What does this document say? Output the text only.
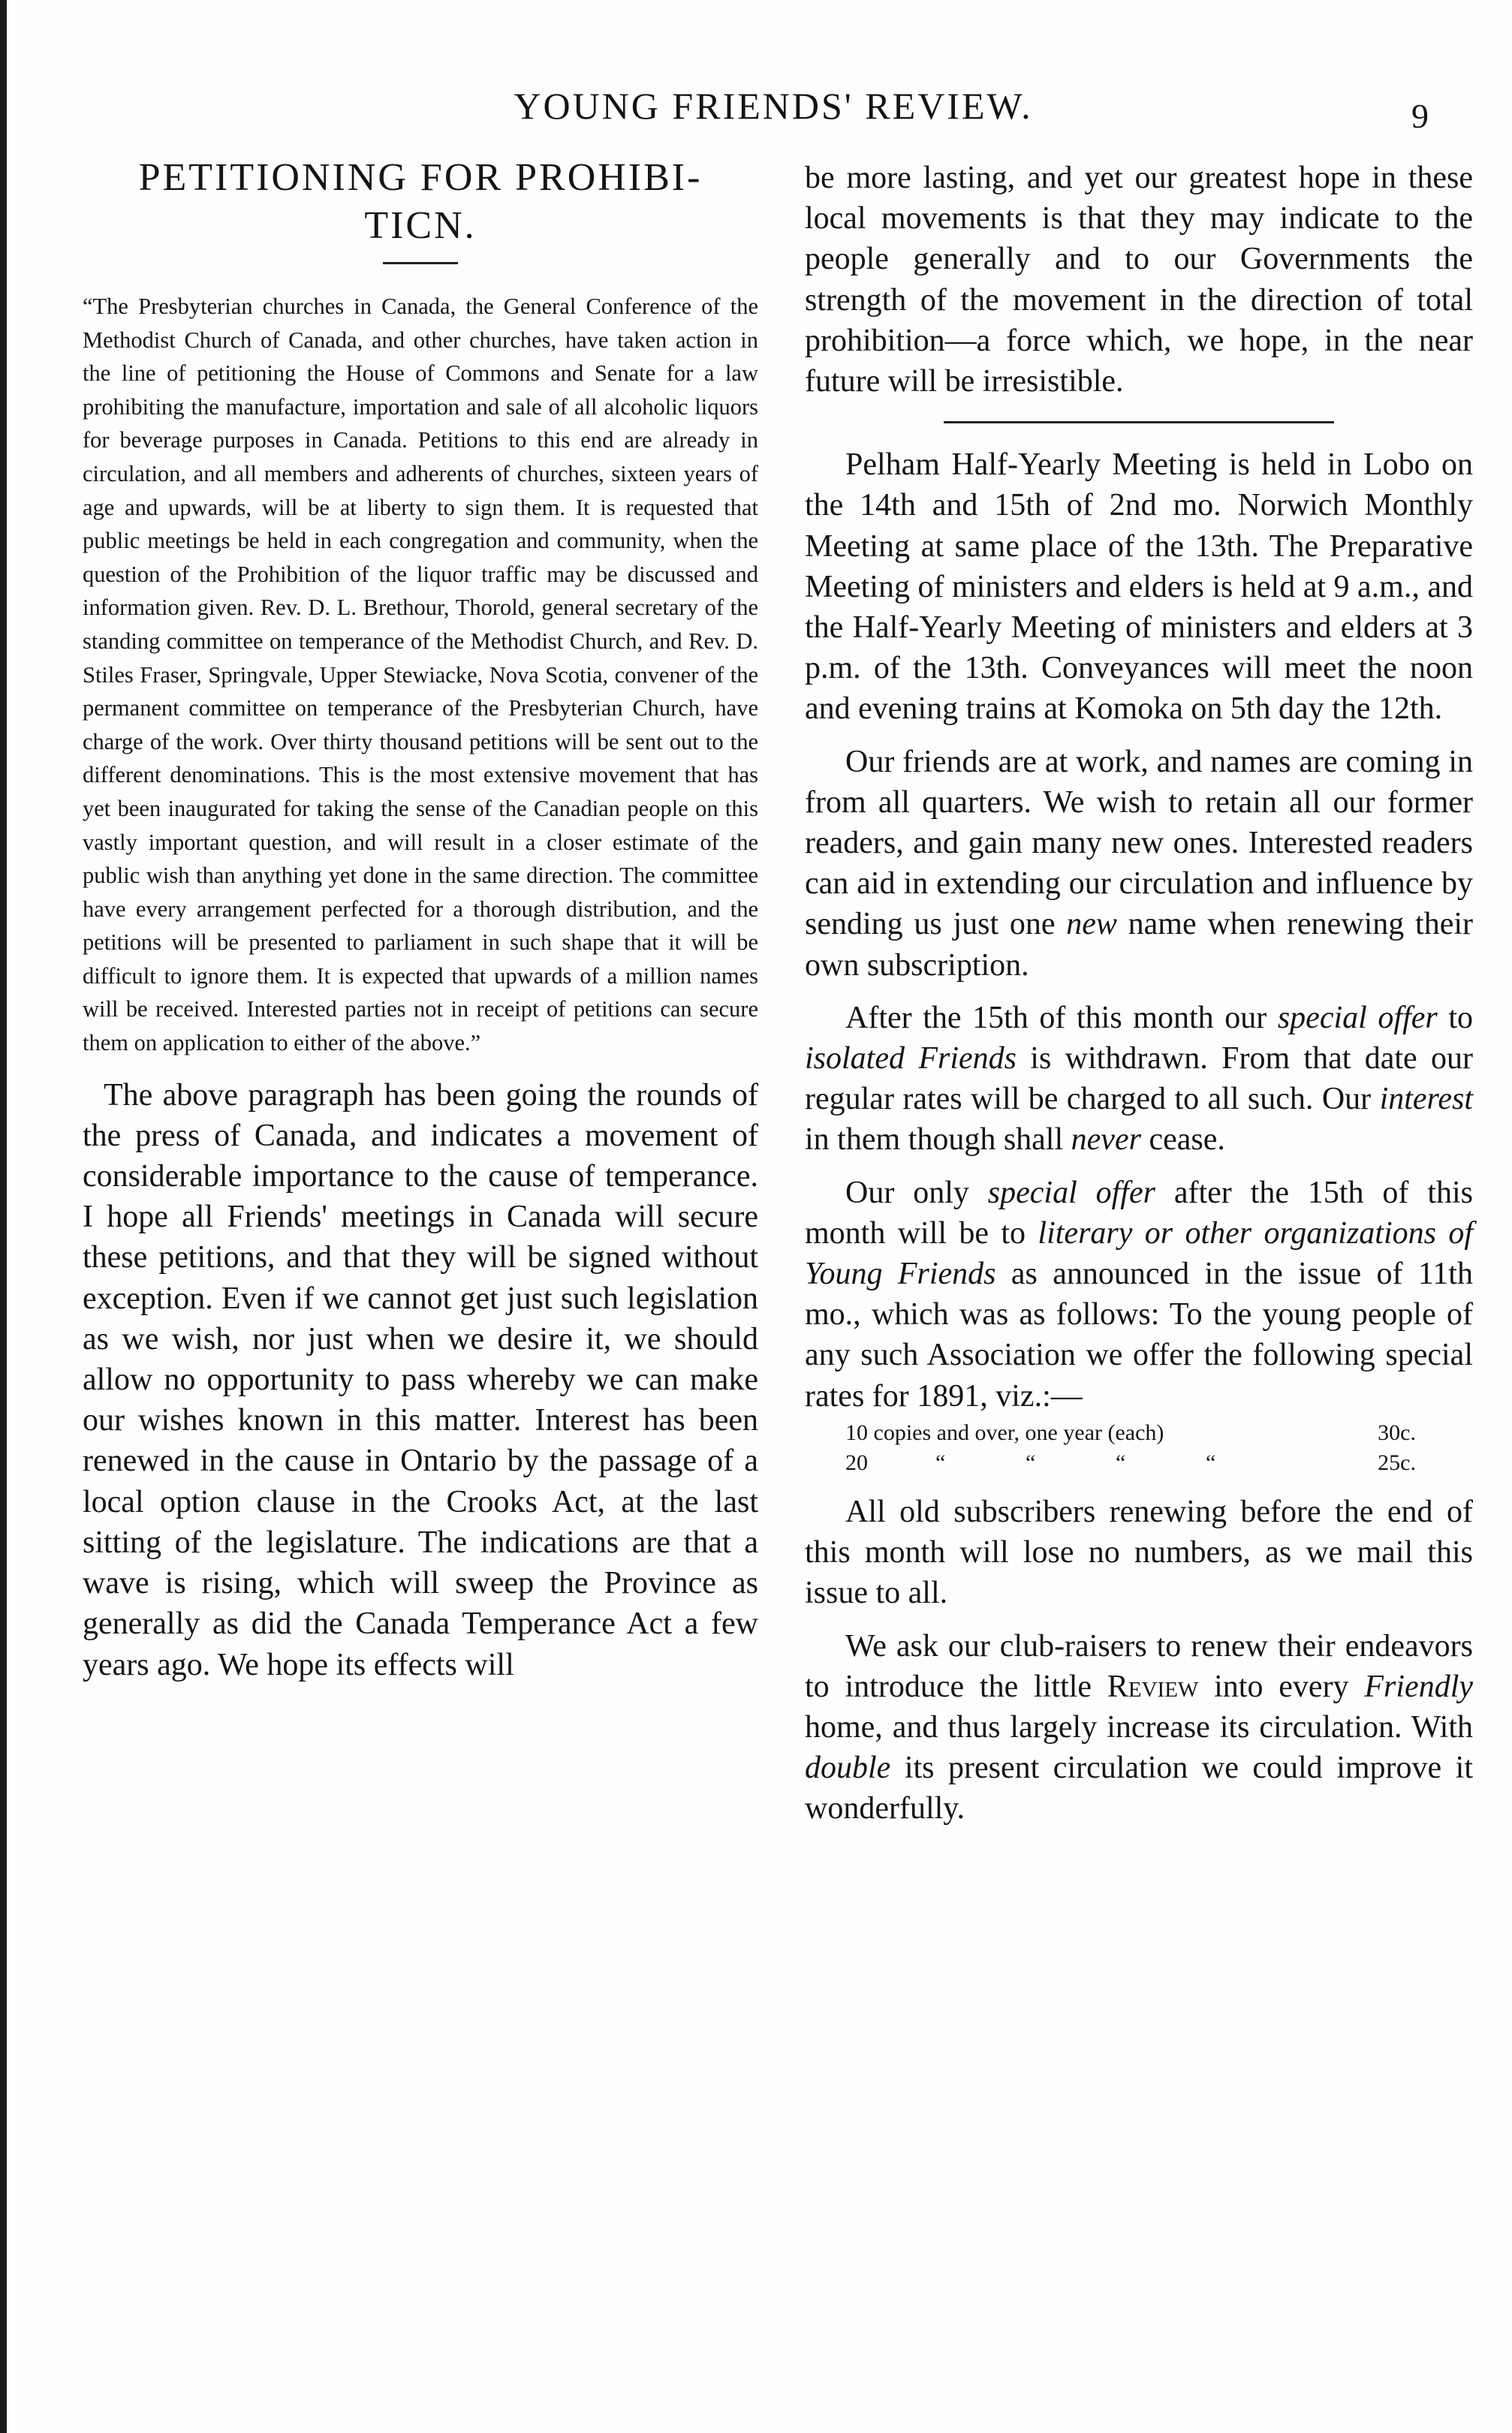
YOUNG FRIENDS' REVIEW.	9
PETITIONING FOR PROHIBI-TICN.

“The Presbyterian churches in Canada, the General Conference of the Methodist Church of Canada, and other churches, have taken action in the line of petitioning the House of Commons and Senate for a law prohibiting the manufacture, importation and sale of all alcoholic liquors for beverage purposes in Canada. Petitions to this end are already in circulation, and all members and adherents of churches, sixteen years of age and upwards, will be at liberty to sign them. It is requested that public meetings be held in each congregation and community, when the question of the Prohibition of the liquor traffic may be discussed and information given. Rev. D. L. Brethour, Thorold, general secretary of the standing committee on temperance of the Methodist Church, and Rev. D. Stiles Fraser, Springvale, Upper Stewiacke, Nova Scotia, convener of the permanent committee on temperance of the Presbyterian Church, have charge of the work. Over thirty thousand petitions will be sent out to the different denominations. This is the most extensive movement that has yet been inaugurated for taking the sense of the Canadian people on this vastly important question, and will result in a closer estimate of the public wish than anything yet done in the same direction. The committee have every arrangement perfected for a thorough distribution, and the petitions will be presented to parliament in such shape that it will be difficult to ignore them. It is expected that upwards of a million names will be received. Interested parties not in receipt of petitions can secure them on application to either of the above.”

The above paragraph has been going the rounds of the press of Canada, and indicates a movement of considerable importance to the cause of temperance. I hope all Friends' meetings in Canada will secure these petitions, and that they will be signed without exception. Even if we cannot get just such legislation as we wish, nor just when we desire it, we should allow no opportunity to pass whereby we can make our wishes known in this matter. Interest has been renewed in the cause in Ontario by the passage of a local option clause in the Crooks Act, at the last sitting of the legislature. The indications are that a wave is rising, which will sweep the Province as generally as did the Canada Temperance Act a few years ago. We hope its effects will

be more lasting, and yet our greatest hope in these local movements is that they may indicate to the people generally and to our Governments the strength of the movement in the direction of total prohibition—a force which, we hope, in the near future will be irresistible.

Pelham Half-Yearly Meeting is held in Lobo on the 14th and 15th of 2nd mo. Norwich Monthly Meeting at same place of the 13th. The Preparative Meeting of ministers and elders is held at 9 a.m., and the Half-Yearly Meeting of ministers and elders at 3 p.m. of the 13th. Conveyances will meet the noon and evening trains at Komoka on 5th day the 12th.

Our friends are at work, and names are coming in from all quarters. We wish to retain all our former readers, and gain many new ones. Interested readers can aid in extending our circulation and influence by sending us just one new name when renewing their own subscription.

After the 15th of this month our special offer to isolated Friends is withdrawn. From that date our regular rates will be charged to all such. Our interest in them though shall never cease.

Our only special offer after the 15th of this month will be to literary or other organizations of Young Friends as announced in the issue of 11th mo., which was as follows: To the young people of any such Association we offer the following special rates for 1891, viz.:—

10 copies and over, one year (each)	30c.
20	“	“	“	“	25c.

All old subscribers renewing before the end of this month will lose no numbers, as we mail this issue to all.

We ask our club-raisers to renew their endeavors to introduce the little Review into every Friendly home, and thus largely increase its circulation. With double its present circulation we could improve it wonderfully.
